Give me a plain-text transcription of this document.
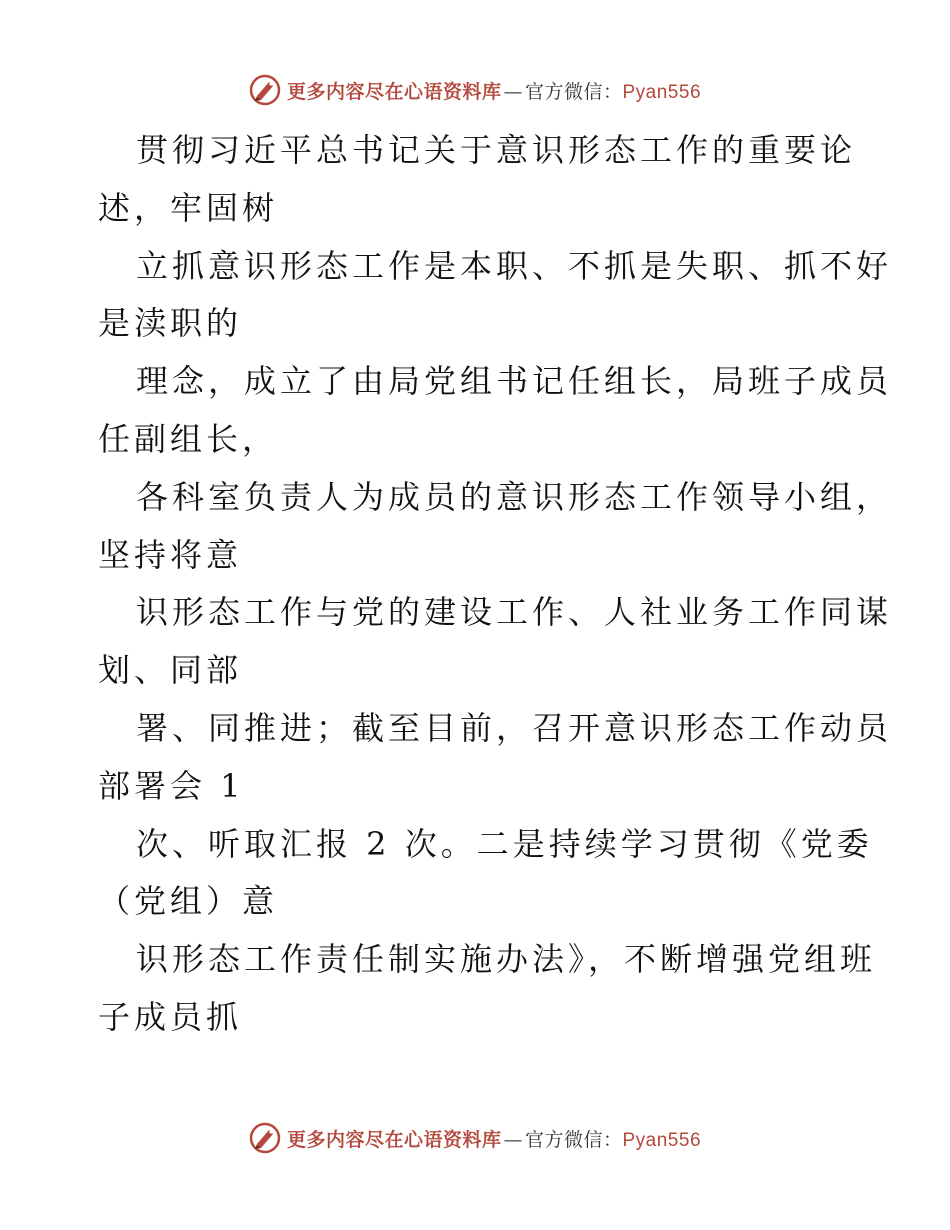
更多内容尽在心语资料库 — 官方微信： Pyan556

贯彻习近平总书记关于意识形态工作的重要论

述，牢固树

立抓意识形态工作是本职、不抓是失职、抓不好

是渎职的

理念，成立了由局党组书记任组长，局班子成员

任副组长，

各科室负责人为成员的意识形态工作领导小组，

坚持将意

识形态工作与党的建设工作、人社业务工作同谋

划、同部

署、同推进；截至目前，召开意识形态工作动员

部署会 1

次、听取汇报 2 次。二是持续学习贯彻《党委

（党组）意

识形态工作责任制实施办法》，不断增强党组班

子成员抓

更多内容尽在心语资料库 — 官方微信： Pyan556
